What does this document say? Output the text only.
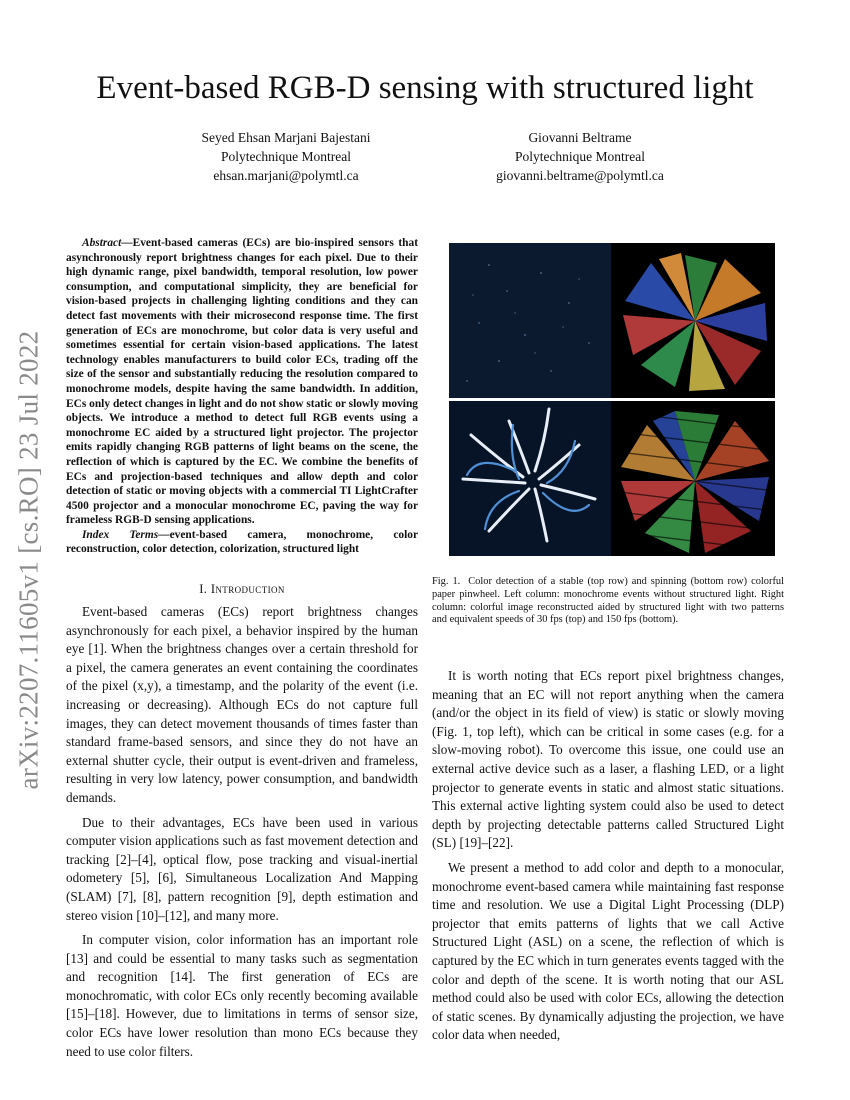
arXiv:2207.11605v1 [cs.RO] 23 Jul 2022
Event-based RGB-D sensing with structured light
Seyed Ehsan Marjani Bajestani
Polytechnique Montreal
ehsan.marjani@polymtl.ca
Giovanni Beltrame
Polytechnique Montreal
giovanni.beltrame@polymtl.ca

Abstract—Event-based cameras (ECs) are bio-inspired sensors that asynchronously report brightness changes for each pixel. Due to their high dynamic range, pixel bandwidth, temporal resolution, low power consumption, and computational simplicity, they are beneficial for vision-based projects in challenging lighting conditions and they can detect fast movements with their microsecond response time. The first generation of ECs are monochrome, but color data is very useful and sometimes essential for certain vision-based applications. The latest technology enables manufacturers to build color ECs, trading off the size of the sensor and substantially reducing the resolution compared to monochrome models, despite having the same bandwidth. In addition, ECs only detect changes in light and do not show static or slowly moving objects. We introduce a method to detect full RGB events using a monochrome EC aided by a structured light projector. The projector emits rapidly changing RGB patterns of light beams on the scene, the reflection of which is captured by the EC. We combine the benefits of ECs and projection-based techniques and allow depth and color detection of static or moving objects with a commercial TI LightCrafter 4500 projector and a monocular monochrome EC, paving the way for frameless RGB-D sensing applications.

Index Terms—event-based camera, monochrome, color reconstruction, color detection, colorization, structured light

I. Introduction

Event-based cameras (ECs) report brightness changes asynchronously for each pixel, a behavior inspired by the human eye [1]. When the brightness changes over a certain threshold for a pixel, the camera generates an event containing the coordinates of the pixel (x,y), a timestamp, and the polarity of the event (i.e. increasing or decreasing). Although ECs do not capture full images, they can detect movement thousands of times faster than standard frame-based sensors, and since they do not have an external shutter cycle, their output is event-driven and frameless, resulting in very low latency, power consumption, and bandwidth demands.

Due to their advantages, ECs have been used in various computer vision applications such as fast movement detection and tracking [2]–[4], optical flow, pose tracking and visual-inertial odometery [5], [6], Simultaneous Localization And Mapping (SLAM) [7], [8], pattern recognition [9], depth estimation and stereo vision [10]–[12], and many more.

In computer vision, color information has an important role [13] and could be essential to many tasks such as segmentation and recognition [14]. The first generation of ECs are monochromatic, with color ECs only recently becoming available [15]–[18]. However, due to limitations in terms of sensor size, color ECs have lower resolution than mono ECs because they need to use color filters.

Fig. 1. Color detection of a stable (top row) and spinning (bottom row) colorful paper pinwheel. Left column: monochrome events without structured light. Right column: colorful image reconstructed aided by structured light with two patterns and equivalent speeds of 30 fps (top) and 150 fps (bottom).

It is worth noting that ECs report pixel brightness changes, meaning that an EC will not report anything when the camera (and/or the object in its field of view) is static or slowly moving (Fig. 1, top left), which can be critical in some cases (e.g. for a slow-moving robot). To overcome this issue, one could use an external active device such as a laser, a flashing LED, or a light projector to generate events in static and almost static situations. This external active lighting system could also be used to detect depth by projecting detectable patterns called Structured Light (SL) [19]–[22].

We present a method to add color and depth to a monocular, monochrome event-based camera while maintaining fast response time and resolution. We use a Digital Light Processing (DLP) projector that emits patterns of lights that we call Active Structured Light (ASL) on a scene, the reflection of which is captured by the EC which in turn generates events tagged with the color and depth of the scene. It is worth noting that our ASL method could also be used with color ECs, allowing the detection of static scenes. By dynamically adjusting the projection, we have color data when needed,
